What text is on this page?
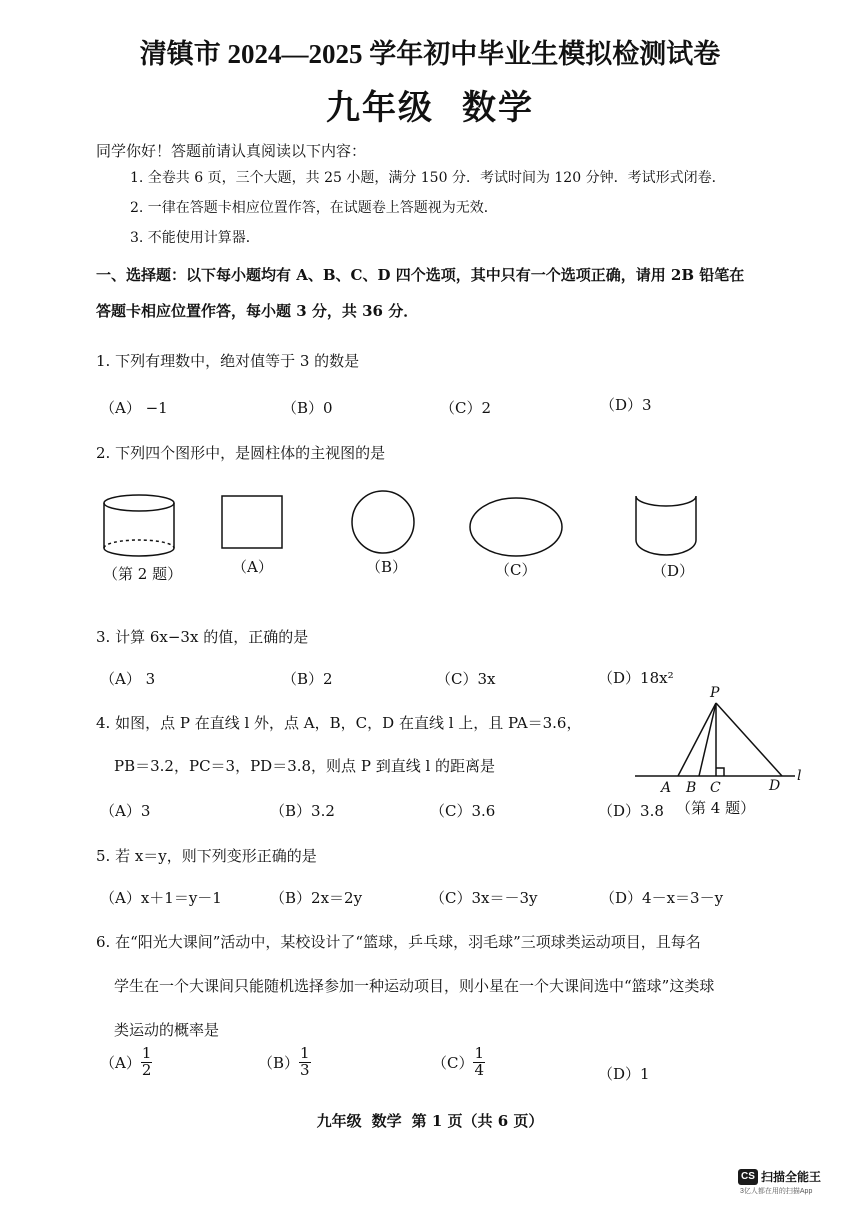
清镇市 2024—2025 学年初中毕业生模拟检测试卷
九年级 数学
同学你好！答题前请认真阅读以下内容：
1. 全卷共 6 页，三个大题，共 25 小题，满分 150 分．考试时间为 120 分钟．考试形式闭卷．
2. 一律在答题卡相应位置作答，在试题卷上答题视为无效．
3. 不能使用计算器．
一、选择题：以下每小题均有 A、B、C、D 四个选项，其中只有一个选项正确，请用 2B 铅笔在
答题卡相应位置作答，每小题 3 分，共 36 分．
1. 下列有理数中，绝对值等于 3 的数是
（A） −1	（B）0	（C）2	（D）3
2. 下列四个图形中，是圆柱体的主视图的是
（第 2 题）	（A）	（B）	（C）	（D）
3. 计算 6x−3x 的值，正确的是
（A） 3	（B）2	（C）3x	（D）18x²
4. 如图，点 P 在直线 l 外，点 A，B，C，D 在直线 l 上，且 PA＝3.6，
PB＝3.2，PC＝3，PD＝3.8，则点 P 到直线 l 的距离是
（A）3	（B）3.2	（C）3.6	（D）3.8 （第 4 题）
P
A B C	D
l
5. 若 x＝y，则下列变形正确的是
（A）x＋1＝y－1	（B）2x＝2y	（C）3x＝－3y	（D）4－x＝3－y
6. 在“阳光大课间”活动中，某校设计了“篮球，乒乓球，羽毛球”三项球类运动项目，且每名
学生在一个大课间只能随机选择参加一种运动项目，则小星在一个大课间选中“篮球”这类球
类运动的概率是
$(A) \frac{1}{2}$	$(B) \frac{1}{3}$	$(C) \frac{1}{4}$	（D）1
九年级 数学 第 1 页（共 6 页）
CS 扫描全能王
3亿人都在用的扫描App
